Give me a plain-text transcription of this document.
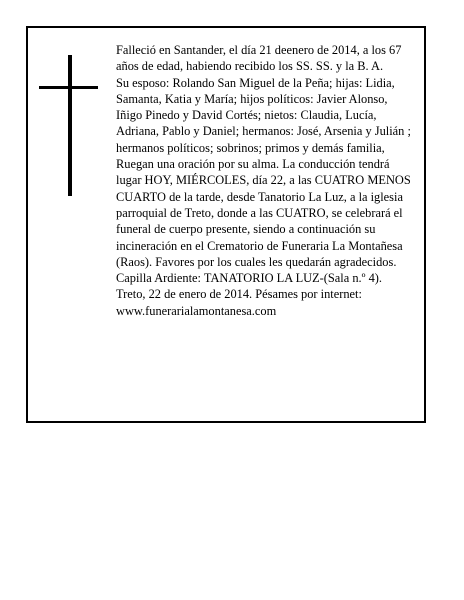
Falleció en Santander, el día 21 deenero de 2014, a los 67 años de edad, habiendo recibido los SS. SS. y la B. A.

Su esposo: Rolando San Miguel de la Peña; hijas: Lidia, Samanta, Katia y María; hijos políticos: Javier Alonso, Iñigo Pinedo y David Cortés; nietos: Claudia, Lucía, Adriana, Pablo y Daniel; hermanos: José, Arsenia y Julián ; hermanos políticos; sobrinos; primos y demás familia,

Ruegan una oración por su alma. La conducción tendrá lugar HOY, MIÉRCOLES, día 22, a las CUATRO MENOS CUARTO de la tarde, desde Tanatorio La Luz, a la iglesia parroquial de Treto, donde a las CUATRO, se celebrará el funeral de cuerpo presente, siendo a continuación su incineración en el Crematorio de Funeraria La Montañesa (Raos). Favores por los cuales les quedarán agradecidos. Capilla Ardiente: TANATORIO LA LUZ-(Sala n.º 4).

Treto, 22 de enero de 2014. Pésames por internet: www.funerarialamontanesa.com
